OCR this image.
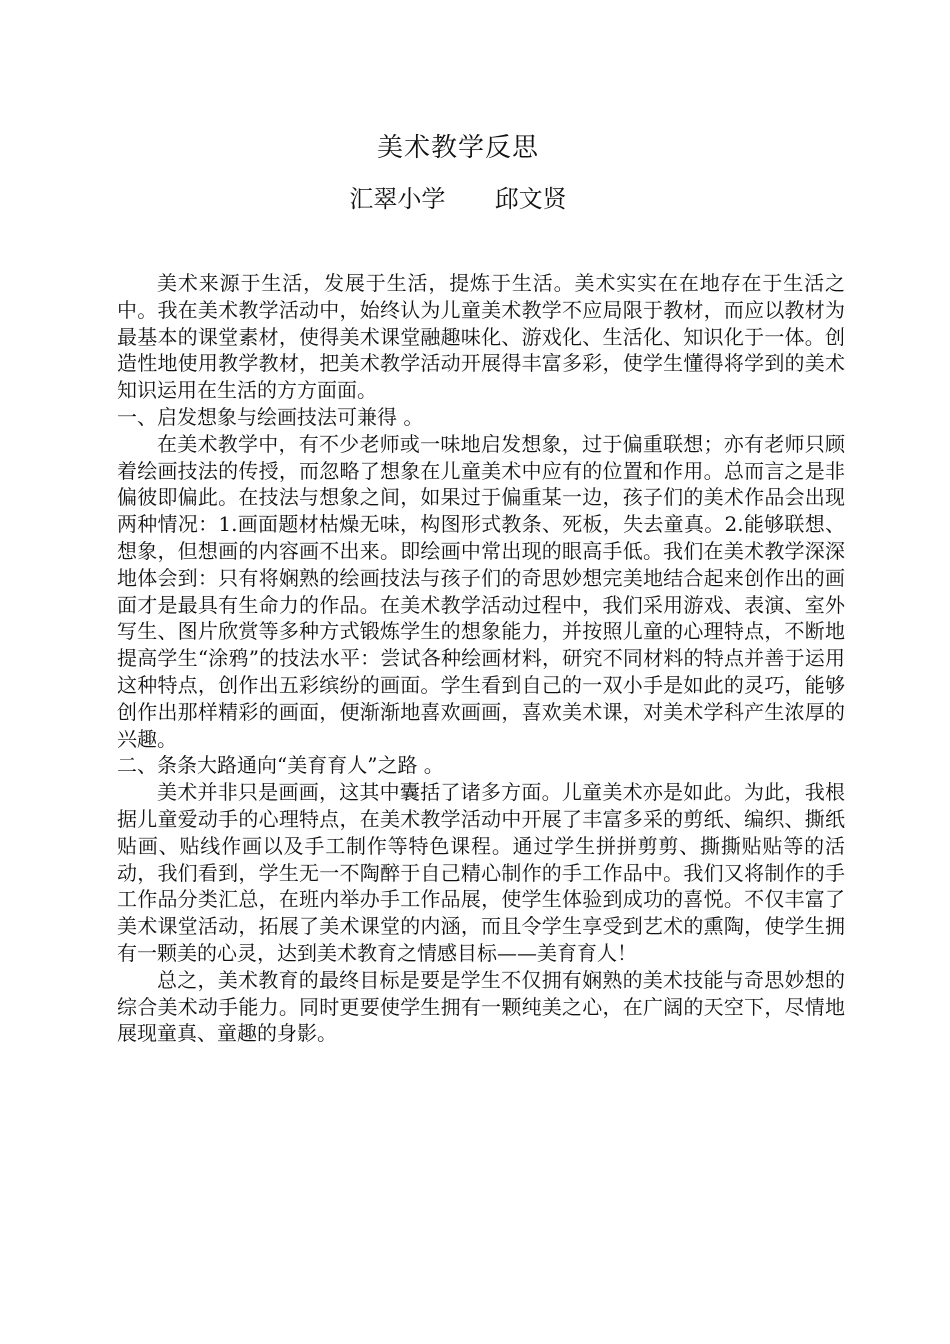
美术教学反思
汇翠小学 邱文贤

美术来源于生活，发展于生活，提炼于生活。美术实实在在地存在于生活之中。我在美术教学活动中，始终认为儿童美术教学不应局限于教材，而应以教材为最基本的课堂素材，使得美术课堂融趣味化、游戏化、生活化、知识化于一体。创造性地使用教学教材，把美术教学活动开展得丰富多彩，使学生懂得将学到的美术知识运用在生活的方方面面。

一、启发想象与绘画技法可兼得 。

在美术教学中，有不少老师或一味地启发想象，过于偏重联想；亦有老师只顾着绘画技法的传授，而忽略了想象在儿童美术中应有的位置和作用。总而言之是非偏彼即偏此。在技法与想象之间，如果过于偏重某一边，孩子们的美术作品会出现两种情况：1.画面题材枯燥无味，构图形式教条、死板，失去童真。2.能够联想、想象，但想画的内容画不出来。即绘画中常出现的眼高手低。我们在美术教学深深地体会到：只有将娴熟的绘画技法与孩子们的奇思妙想完美地结合起来创作出的画面才是最具有生命力的作品。在美术教学活动过程中，我们采用游戏、表演、室外写生、图片欣赏等多种方式锻炼学生的想象能力，并按照儿童的心理特点，不断地提高学生“涂鸦”的技法水平：尝试各种绘画材料，研究不同材料的特点并善于运用这种特点，创作出五彩缤纷的画面。学生看到自己的一双小手是如此的灵巧，能够创作出那样精彩的画面，便渐渐地喜欢画画，喜欢美术课，对美术学科产生浓厚的兴趣。

二、条条大路通向“美育育人”之路 。

美术并非只是画画，这其中囊括了诸多方面。儿童美术亦是如此。为此，我根据儿童爱动手的心理特点，在美术教学活动中开展了丰富多采的剪纸、编织、撕纸贴画、贴线作画以及手工制作等特色课程。通过学生拼拼剪剪、撕撕贴贴等的活动，我们看到，学生无一不陶醉于自己精心制作的手工作品中。我们又将制作的手工作品分类汇总，在班内举办手工作品展，使学生体验到成功的喜悦。不仅丰富了美术课堂活动，拓展了美术课堂的内涵，而且令学生享受到艺术的熏陶，使学生拥有一颗美的心灵，达到美术教育之情感目标——美育育人！

总之，美术教育的最终目标是要是学生不仅拥有娴熟的美术技能与奇思妙想的综合美术动手能力。同时更要使学生拥有一颗纯美之心，在广阔的天空下，尽情地展现童真、童趣的身影。
